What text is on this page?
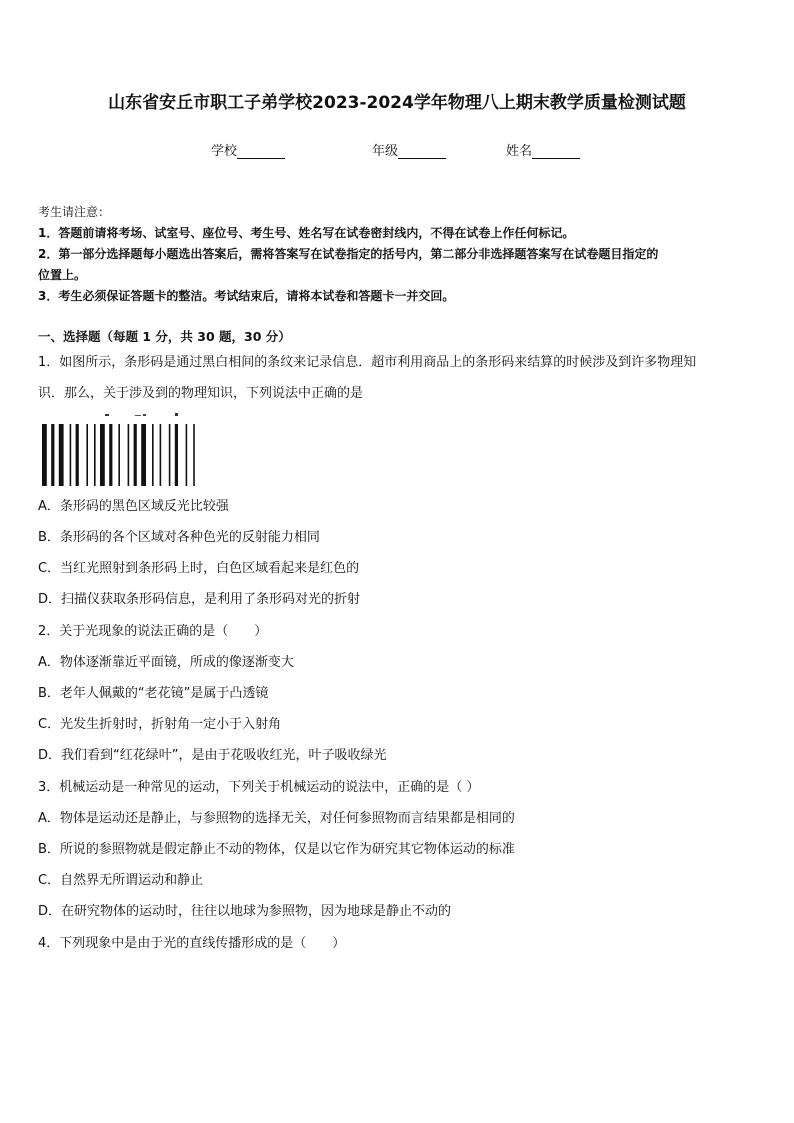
山东省安丘市职工子弟学校2023-2024学年物理八上期末教学质量检测试题
学校	年级	姓名
考生请注意：
1．答题前请将考场、试室号、座位号、考生号、姓名写在试卷密封线内，不得在试卷上作任何标记。
2．第一部分选择题每小题选出答案后，需将答案写在试卷指定的括号内，第二部分非选择题答案写在试卷题目指定的
位置上。
3．考生必须保证答题卡的整洁。考试结束后，请将本试卷和答题卡一并交回。
一、选择题（每题 1 分，共 30 题，30 分）
1．如图所示，条形码是通过黑白相间的条纹来记录信息．超市利用商品上的条形码来结算的时候涉及到许多物理知
识．那么，关于涉及到的物理知识，下列说法中正确的是
A．条形码的黑色区域反光比较强
B．条形码的各个区域对各种色光的反射能力相同
C．当红光照射到条形码上时，白色区域看起来是红色的
D．扫描仪获取条形码信息，是利用了条形码对光的折射
2．关于光现象的说法正确的是（　　）
A．物体逐渐靠近平面镜，所成的像逐渐变大
B．老年人佩戴的“老花镜”是属于凸透镜
C．光发生折射时，折射角一定小于入射角
D．我们看到“红花绿叶”，是由于花吸收红光，叶子吸收绿光
3．机械运动是一种常见的运动，下列关于机械运动的说法中，正确的是（ ）
A．物体是运动还是静止，与参照物的选择无关，对任何参照物而言结果都是相同的
B．所说的参照物就是假定静止不动的物体，仅是以它作为研究其它物体运动的标准
C．自然界无所谓运动和静止
D．在研究物体的运动时，往往以地球为参照物，因为地球是静止不动的
4．下列现象中是由于光的直线传播形成的是（　　）
